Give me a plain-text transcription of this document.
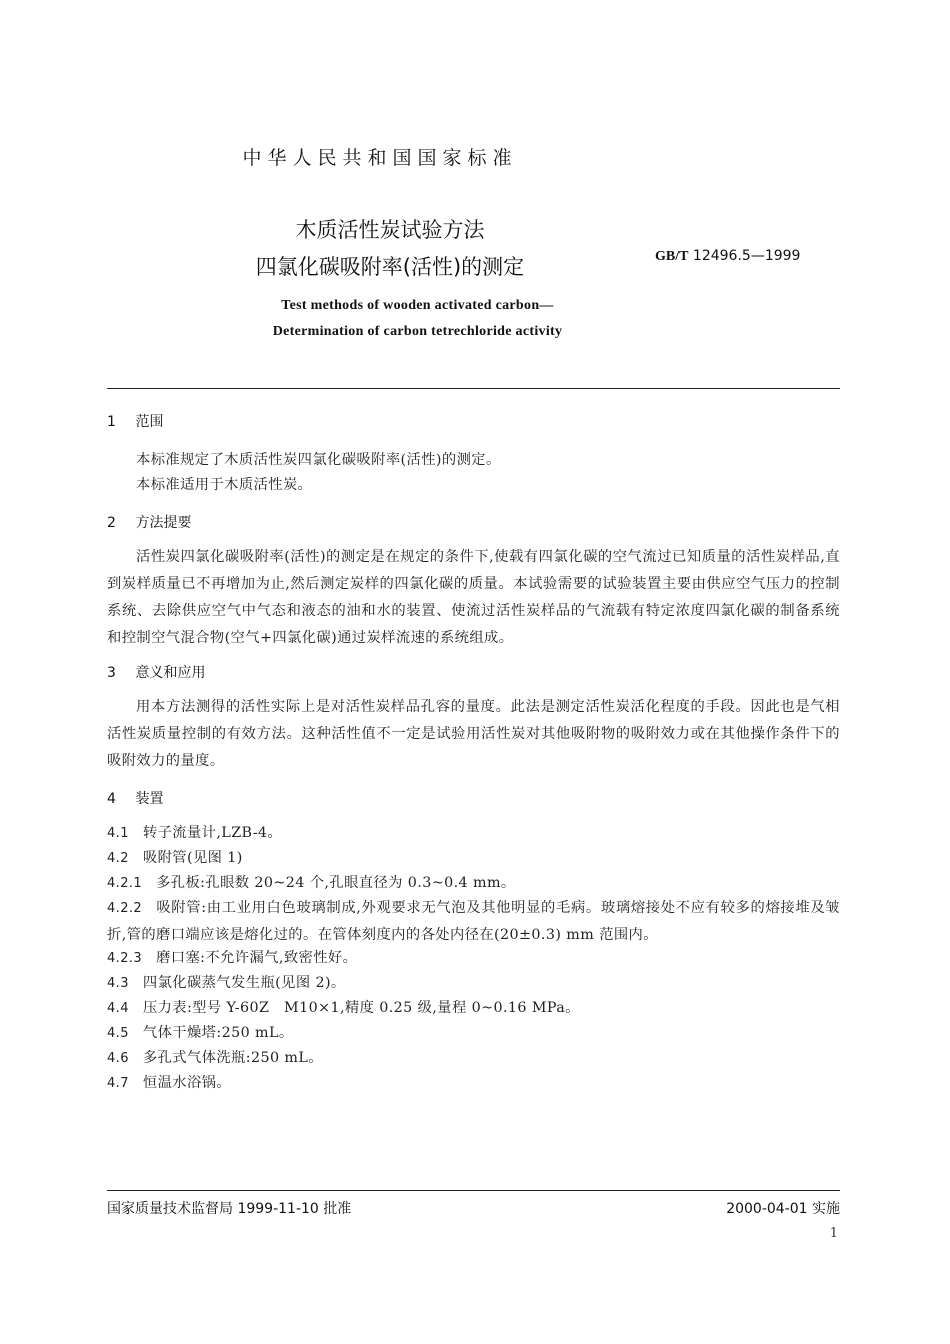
中华人民共和国国家标准
木质活性炭试验方法
四氯化碳吸附率(活性)的测定	GB/T 12496.5—1999
Test methods of wooden activated carbon—
Determination of carbon tetrechloride activity
1 范围
本标准规定了木质活性炭四氯化碳吸附率(活性)的测定。
本标准适用于木质活性炭。
2 方法提要
活性炭四氯化碳吸附率(活性)的测定是在规定的条件下,使载有四氯化碳的空气流过已知质量的活性炭样品,直到炭样质量已不再增加为止,然后测定炭样的四氯化碳的质量。本试验需要的试验装置主要由供应空气压力的控制系统、去除供应空气中气态和液态的油和水的装置、使流过活性炭样品的气流载有特定浓度四氯化碳的制备系统和控制空气混合物(空气+四氯化碳)通过炭样流速的系统组成。
3 意义和应用
用本方法测得的活性实际上是对活性炭样品孔容的量度。此法是测定活性炭活化程度的手段。因此也是气相活性炭质量控制的有效方法。这种活性值不一定是试验用活性炭对其他吸附物的吸附效力或在其他操作条件下的吸附效力的量度。
4 装置
4.1 转子流量计,LZB-4。
4.2 吸附管(见图 1)
4.2.1 多孔板:孔眼数 20~24 个,孔眼直径为 0.3~0.4 mm。
4.2.2 吸附管:由工业用白色玻璃制成,外观要求无气泡及其他明显的毛病。玻璃熔接处不应有较多的熔接堆及皱折,管的磨口端应该是熔化过的。在管体刻度内的各处内径在(20±0.3) mm 范围内。
4.2.3 磨口塞:不允许漏气,致密性好。
4.3 四氯化碳蒸气发生瓶(见图 2)。
4.4 压力表:型号 Y-60Z　M10×1,精度 0.25 级,量程 0~0.16 MPa。
4.5 气体干燥塔:250 mL。
4.6 多孔式气体洗瓶:250 mL。
4.7 恒温水浴锅。
国家质量技术监督局 1999-11-10 批准	2000-04-01 实施
1
